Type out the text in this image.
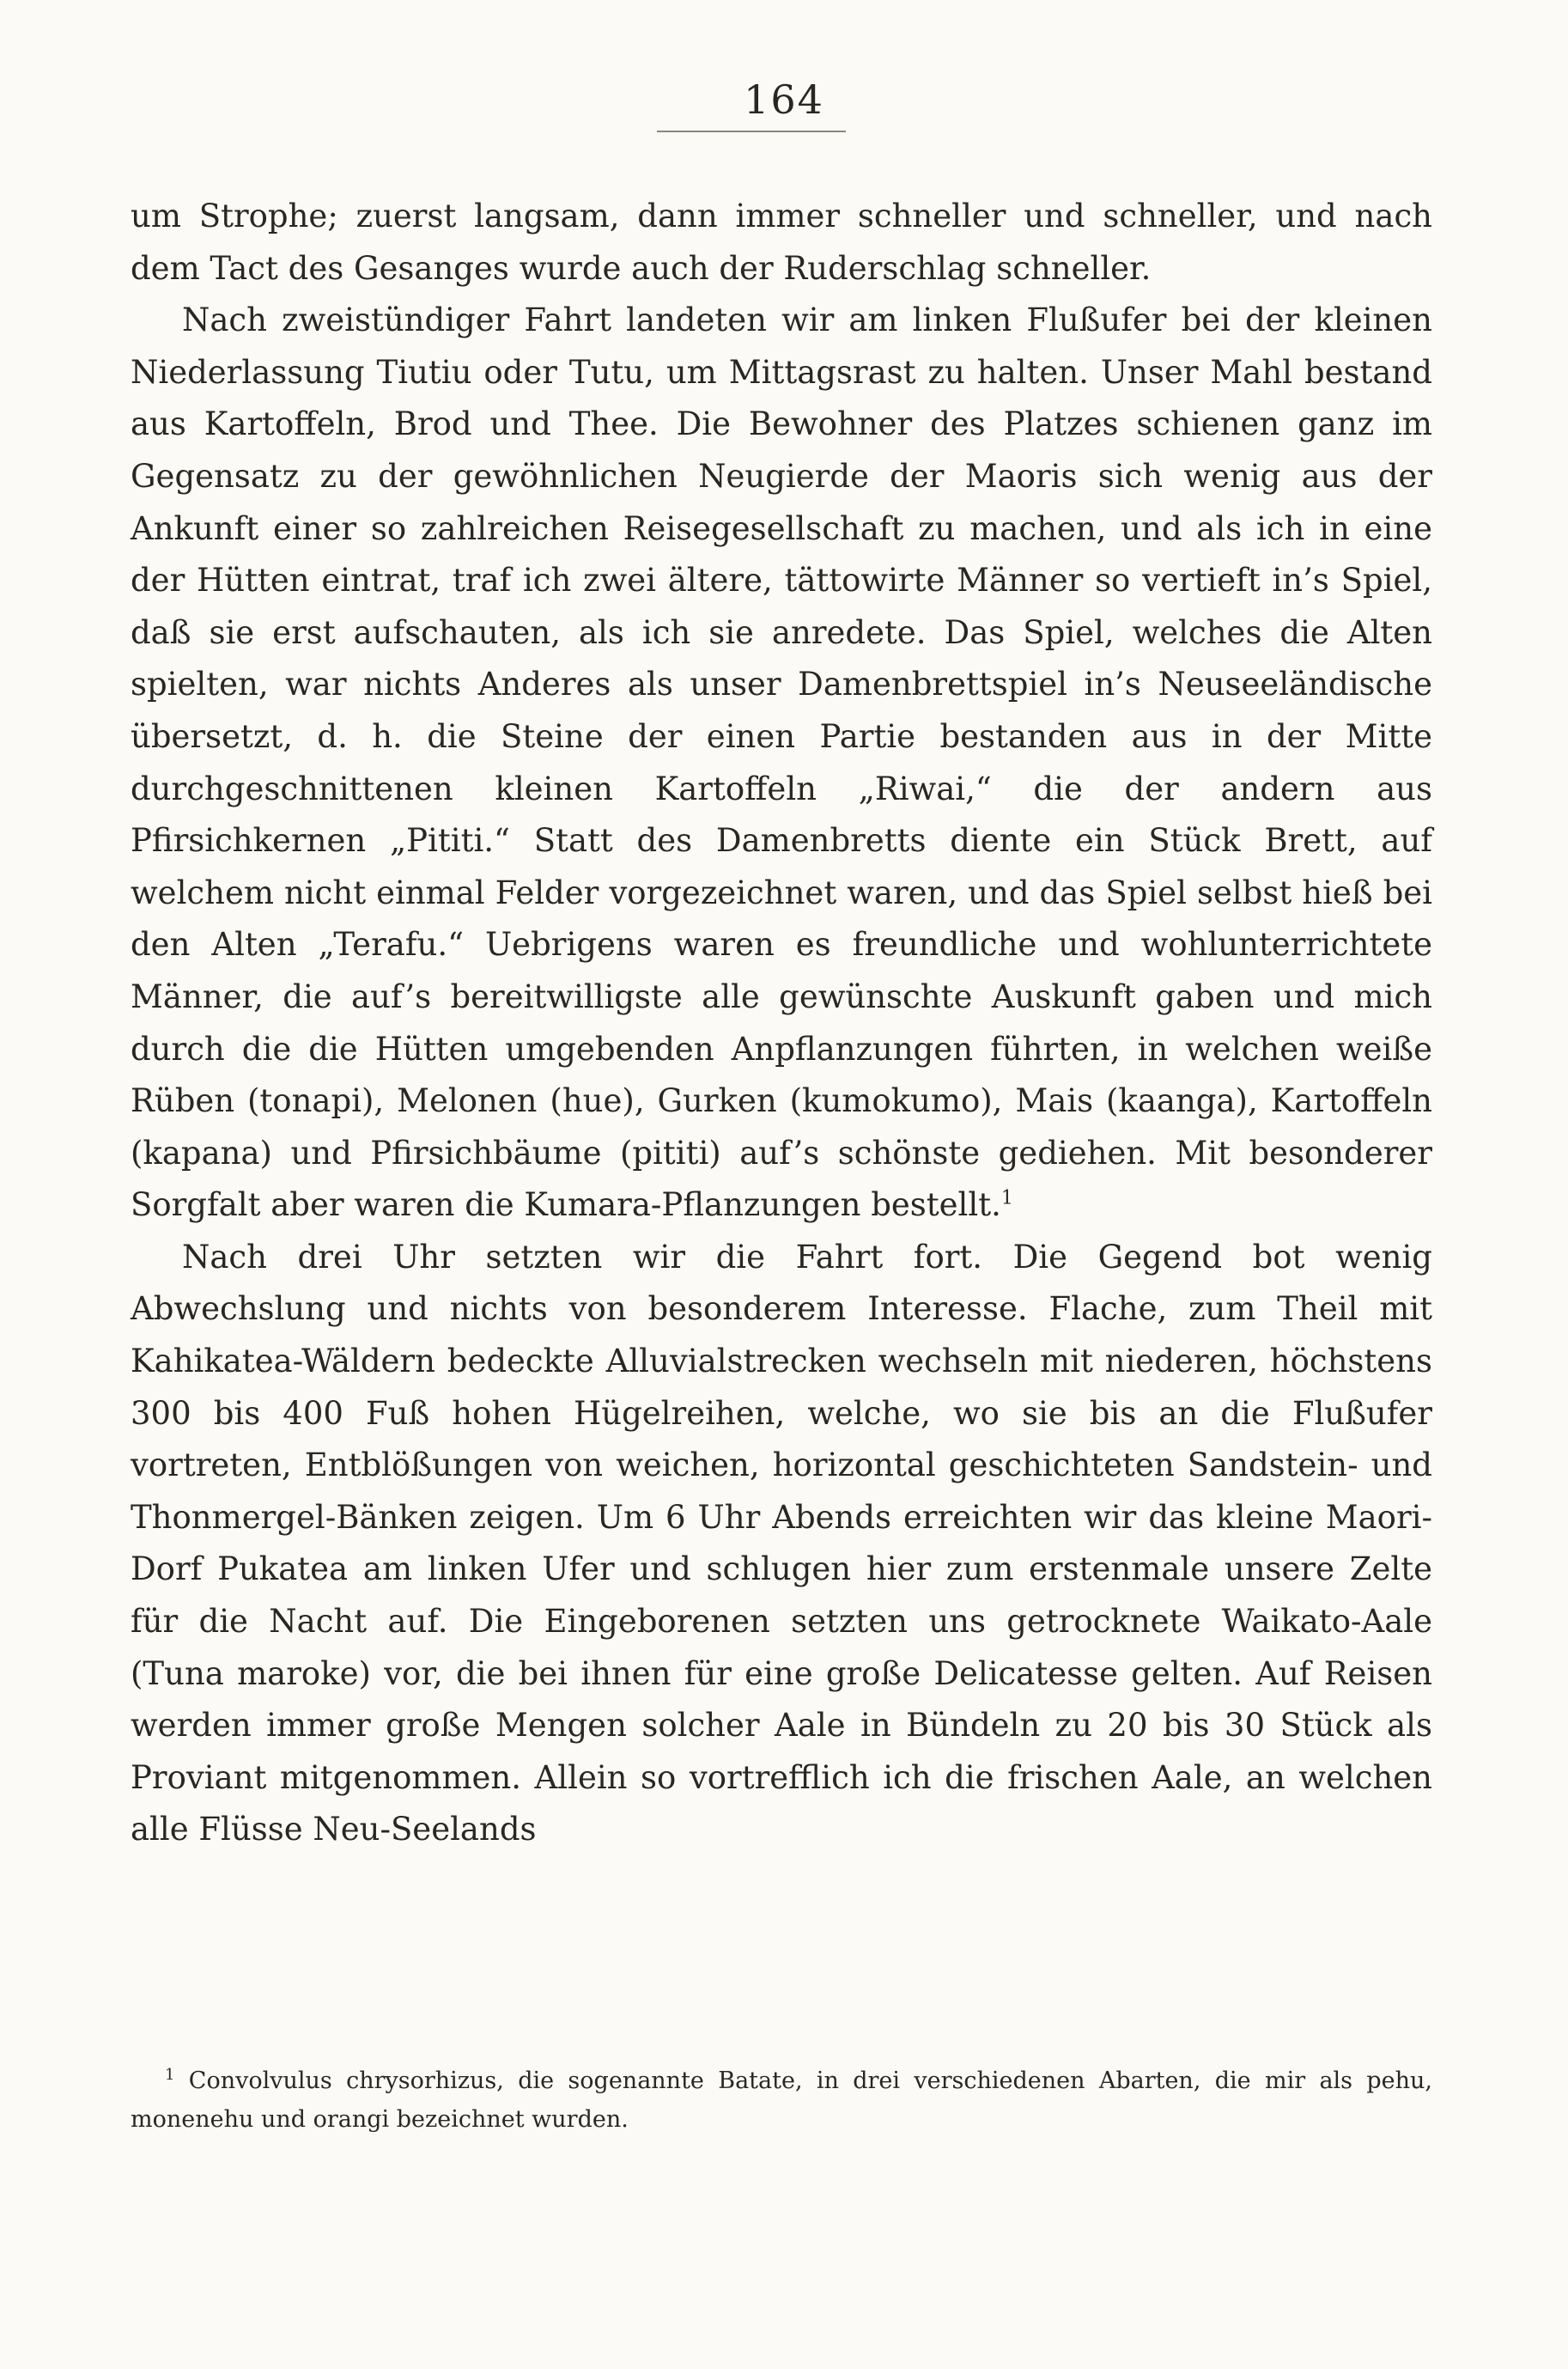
164

um Strophe; zuerst langsam, dann immer schneller und schneller, und nach dem Tact des Gesanges wurde auch der Ruderschlag schneller.

Nach zweistündiger Fahrt landeten wir am linken Flußufer bei der kleinen Niederlassung Tiutiu oder Tutu, um Mittagsrast zu halten. Unser Mahl bestand aus Kartoffeln, Brod und Thee. Die Bewohner des Platzes schienen ganz im Gegensatz zu der gewöhnlichen Neugierde der Maoris sich wenig aus der Ankunft einer so zahlreichen Reisegesellschaft zu machen, und als ich in eine der Hütten eintrat, traf ich zwei ältere, tättowirte Männer so vertieft in’s Spiel, daß sie erst aufschauten, als ich sie anredete. Das Spiel, welches die Alten spielten, war nichts Anderes als unser Damenbrettspiel in’s Neuseeländische übersetzt, d. h. die Steine der einen Partie bestanden aus in der Mitte durchgeschnittenen kleinen Kartoffeln „Riwai,“ die der andern aus Pfirsichkernen „Pititi.“ Statt des Damenbretts diente ein Stück Brett, auf welchem nicht einmal Felder vorgezeichnet waren, und das Spiel selbst hieß bei den Alten „Terafu.“ Uebrigens waren es freundliche und wohlunterrichtete Männer, die auf’s bereitwilligste alle gewünschte Auskunft gaben und mich durch die die Hütten umgebenden Anpflanzungen führten, in welchen weiße Rüben (tonapi), Melonen (hue), Gurken (kumokumo), Mais (kaanga), Kartoffeln (kapana) und Pfirsichbäume (pititi) auf’s schönste gediehen. Mit besonderer Sorgfalt aber waren die Kumara-Pflanzungen bestellt.$^1$

Nach drei Uhr setzten wir die Fahrt fort. Die Gegend bot wenig Abwechslung und nichts von besonderem Interesse. Flache, zum Theil mit Kahikatea-Wäldern bedeckte Alluvialstrecken wechseln mit niederen, höchstens 300 bis 400 Fuß hohen Hügelreihen, welche, wo sie bis an die Flußufer vortreten, Entblößungen von weichen, horizontal geschichteten Sandstein- und Thonmergel-Bänken zeigen. Um 6 Uhr Abends erreichten wir das kleine Maori-Dorf Pukatea am linken Ufer und schlugen hier zum erstenmale unsere Zelte für die Nacht auf. Die Eingeborenen setzten uns getrocknete Waikato-Aale (Tuna maroke) vor, die bei ihnen für eine große Delicatesse gelten. Auf Reisen werden immer große Mengen solcher Aale in Bündeln zu 20 bis 30 Stück als Proviant mitgenommen. Allein so vortrefflich ich die frischen Aale, an welchen alle Flüsse Neu-Seelands

$^1$ Convolvulus chrysorhizus, die sogenannte Batate, in drei verschiedenen Abarten, die mir als pehu, monenehu und orangi bezeichnet wurden.
